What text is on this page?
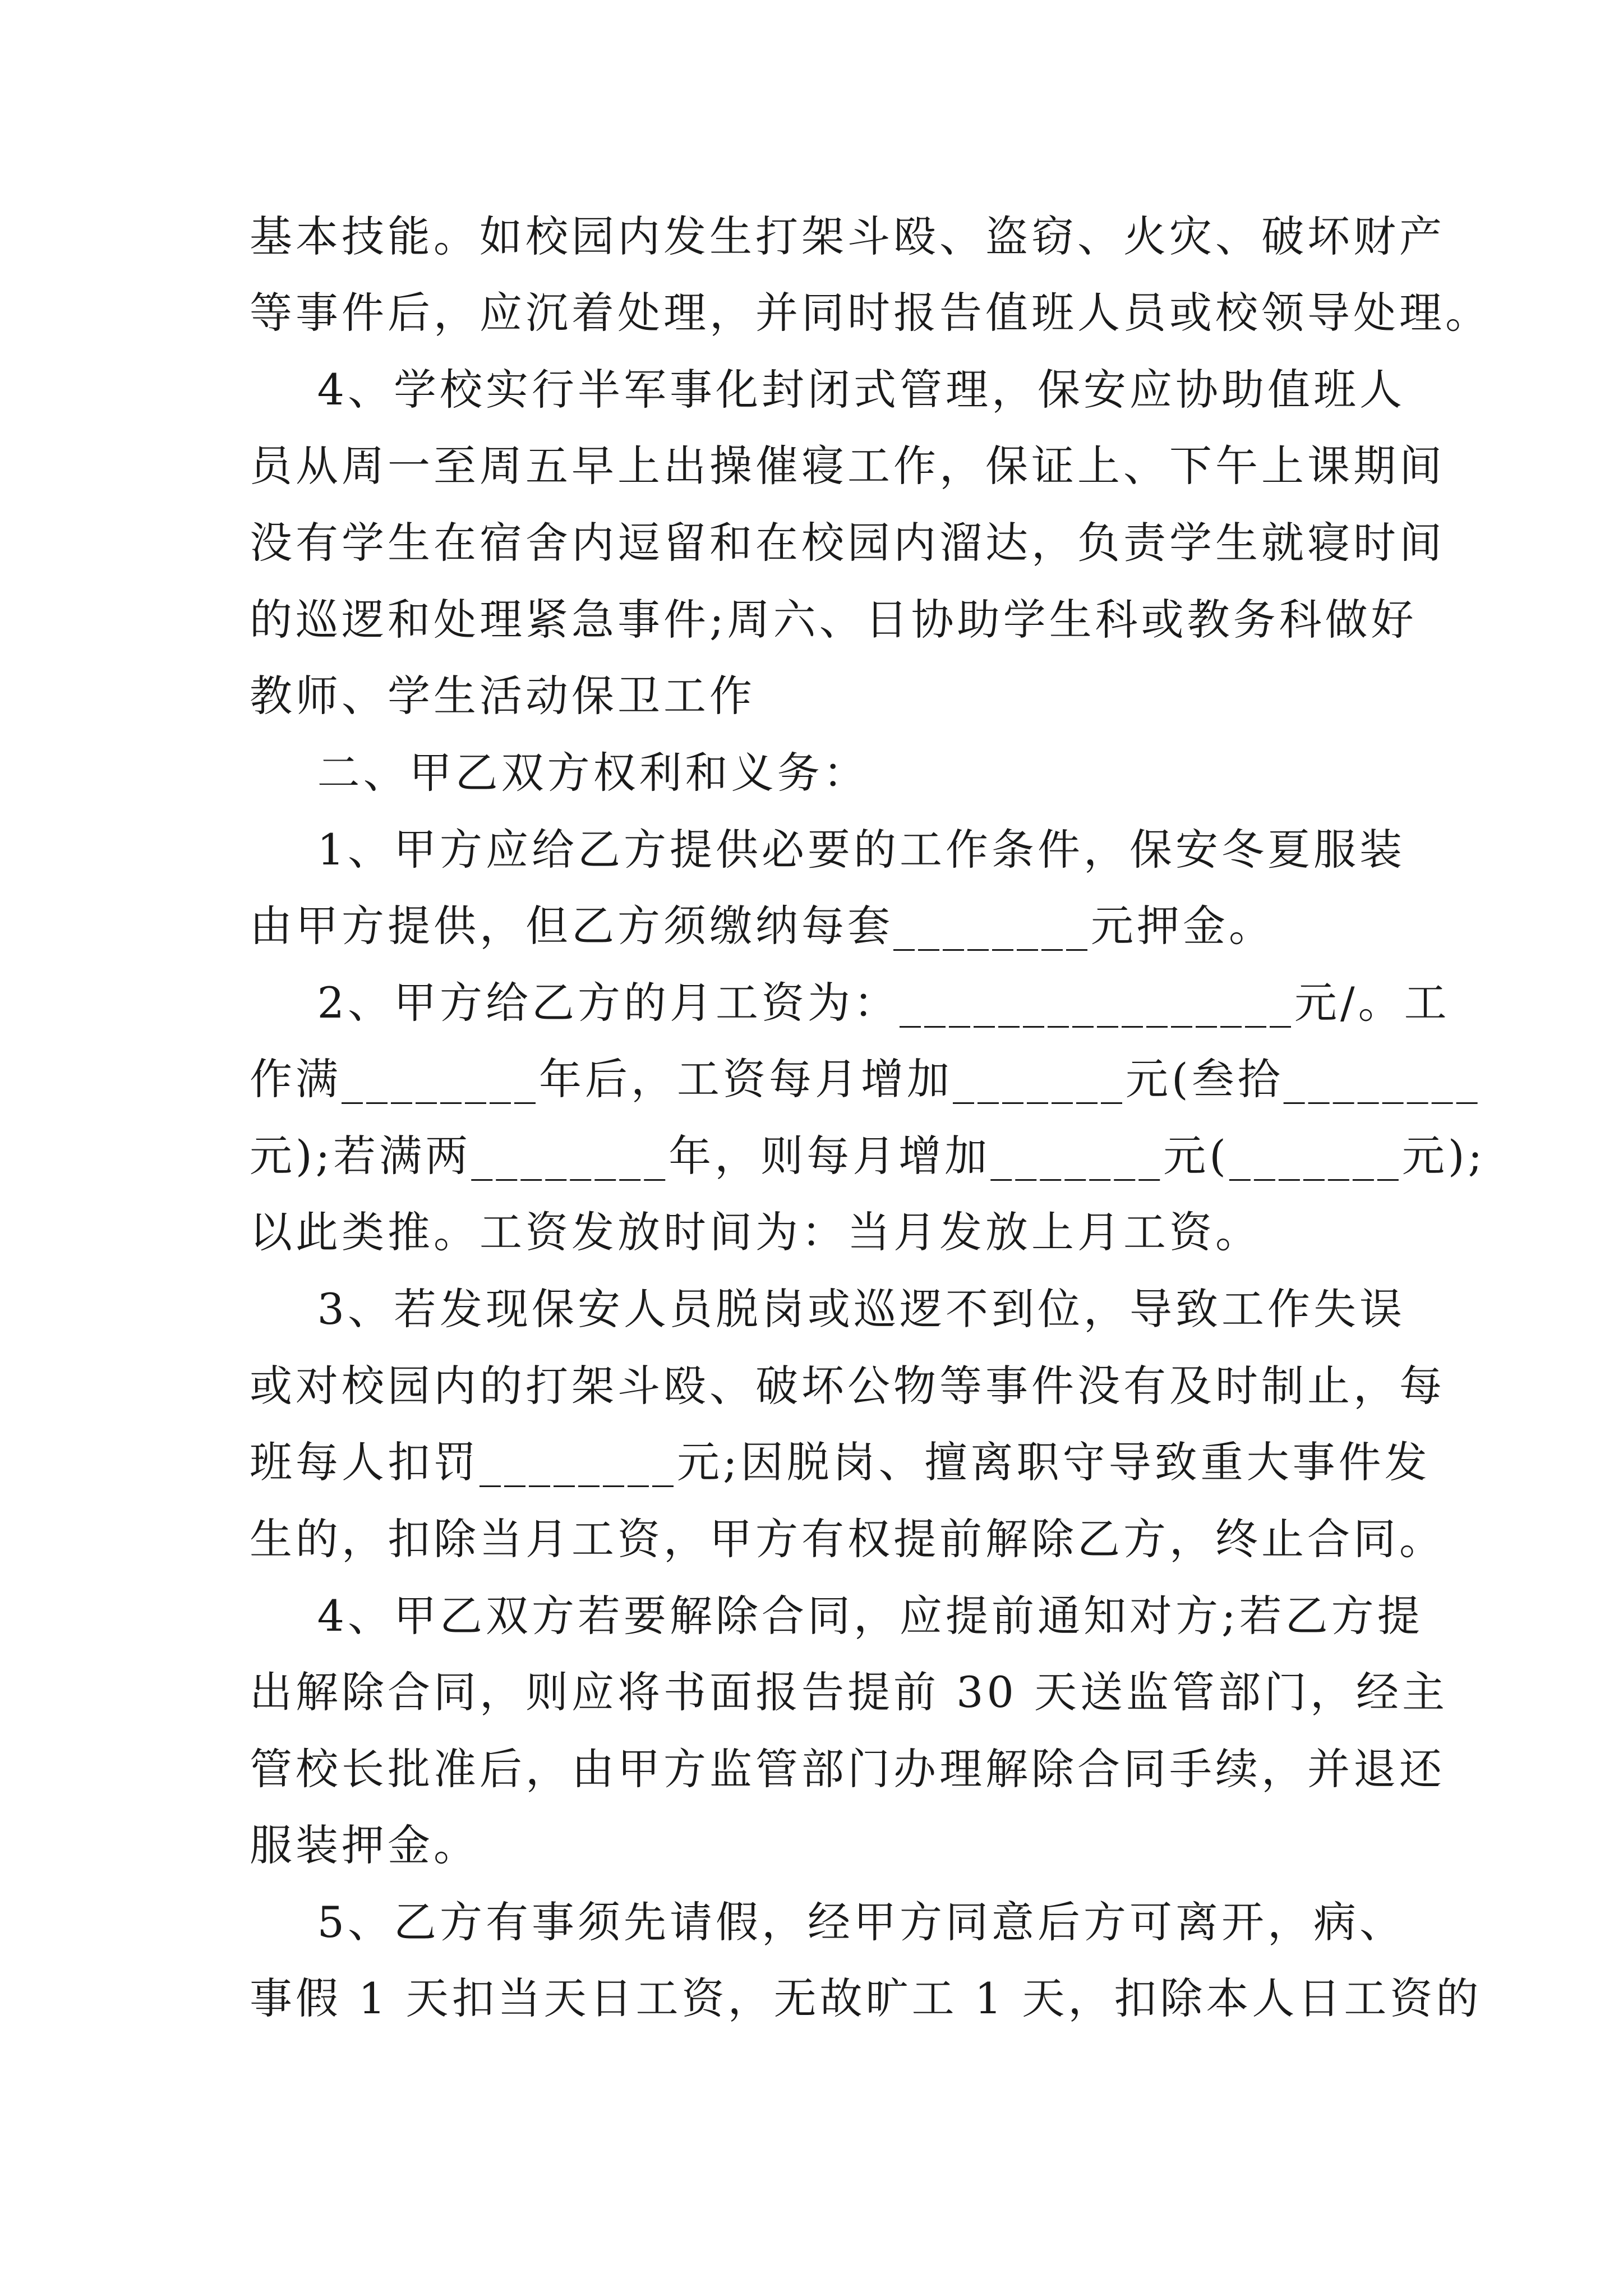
基本技能。如校园内发生打架斗殴、盗窃、火灾、破坏财产
等事件后，应沉着处理，并同时报告值班人员或校领导处理。
4、学校实行半军事化封闭式管理，保安应协助值班人
员从周一至周五早上出操催寝工作，保证上、下午上课期间
没有学生在宿舍内逗留和在校园内溜达，负责学生就寝时间
的巡逻和处理紧急事件;周六、日协助学生科或教务科做好
教师、学生活动保卫工作
二、甲乙双方权利和义务：
1、甲方应给乙方提供必要的工作条件，保安冬夏服装
由甲方提供，但乙方须缴纳每套________元押金。
2、甲方给乙方的月工资为：________________元/。工
作满________年后，工资每月增加_______元(叁拾________
元);若满两________年，则每月增加_______元(_______元);
以此类推。工资发放时间为：当月发放上月工资。
3、若发现保安人员脱岗或巡逻不到位，导致工作失误
或对校园内的打架斗殴、破坏公物等事件没有及时制止，每
班每人扣罚________元;因脱岗、擅离职守导致重大事件发
生的，扣除当月工资，甲方有权提前解除乙方，终止合同。
4、甲乙双方若要解除合同，应提前通知对方;若乙方提
出解除合同，则应将书面报告提前 30 天送监管部门，经主
管校长批准后，由甲方监管部门办理解除合同手续，并退还
服装押金。
5、乙方有事须先请假，经甲方同意后方可离开，病、
事假 1 天扣当天日工资，无故旷工 1 天，扣除本人日工资的
